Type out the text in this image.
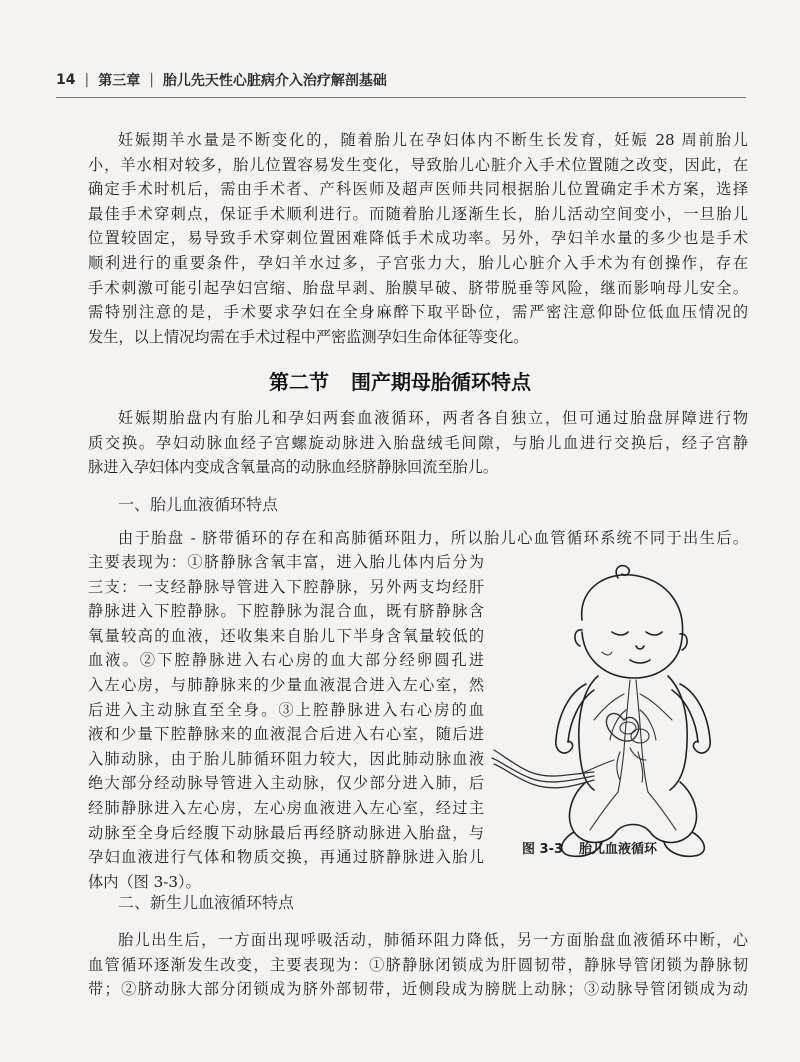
14 | 第三章 | 胎儿先天性心脏病介入治疗解剖基础
妊娠期羊水量是不断变化的，随着胎儿在孕妇体内不断生长发育，妊娠 28 周前胎儿
小，羊水相对较多，胎儿位置容易发生变化，导致胎儿心脏介入手术位置随之改变，因此，在
确定手术时机后，需由手术者、产科医师及超声医师共同根据胎儿位置确定手术方案，选择
最佳手术穿刺点，保证手术顺利进行。而随着胎儿逐渐生长，胎儿活动空间变小，一旦胎儿
位置较固定，易导致手术穿刺位置困难降低手术成功率。另外，孕妇羊水量的多少也是手术
顺利进行的重要条件，孕妇羊水过多，子宫张力大，胎儿心脏介入手术为有创操作，存在
手术刺激可能引起孕妇宫缩、胎盘早剥、胎膜早破、脐带脱垂等风险，继而影响母儿安全。
需特别注意的是，手术要求孕妇在全身麻醉下取平卧位，需严密注意仰卧位低血压情况的
发生，以上情况均需在手术过程中严密监测孕妇生命体征等变化。
第二节 围产期母胎循环特点
妊娠期胎盘内有胎儿和孕妇两套血液循环，两者各自独立，但可通过胎盘屏障进行物
质交换。孕妇动脉血经子宫螺旋动脉进入胎盘绒毛间隙，与胎儿血进行交换后，经子宫静
脉进入孕妇体内变成含氧量高的动脉血经脐静脉回流至胎儿。
一、胎儿血液循环特点
由于胎盘 - 脐带循环的存在和高肺循环阻力，所以胎儿心血管循环系统不同于出生后。
主要表现为：①脐静脉含氧丰富，进入胎儿体内后分为
三支：一支经静脉导管进入下腔静脉，另外两支均经肝
静脉进入下腔静脉。下腔静脉为混合血，既有脐静脉含
氧量较高的血液，还收集来自胎儿下半身含氧量较低的
血液。②下腔静脉进入右心房的血大部分经卵圆孔进
入左心房，与肺静脉来的少量血液混合进入左心室，然
后进入主动脉直至全身。③上腔静脉进入右心房的血
液和少量下腔静脉来的血液混合后进入右心室，随后进
入肺动脉，由于胎儿肺循环阻力较大，因此肺动脉血液
绝大部分经动脉导管进入主动脉，仅少部分进入肺，后
经肺静脉进入左心房，左心房血液进入左心室，经过主
动脉至全身后经腹下动脉最后再经脐动脉进入胎盘，与
孕妇血液进行气体和物质交换，再通过脐静脉进入胎儿
体内（图 3-3）。
图 3-3 胎儿血液循环
二、新生儿血液循环特点
胎儿出生后，一方面出现呼吸活动，肺循环阻力降低，另一方面胎盘血液循环中断，心
血管循环逐渐发生改变，主要表现为：①脐静脉闭锁成为肝圆韧带，静脉导管闭锁为静脉韧
带；②脐动脉大部分闭锁成为脐外部韧带，近侧段成为膀胱上动脉；③动脉导管闭锁成为动
